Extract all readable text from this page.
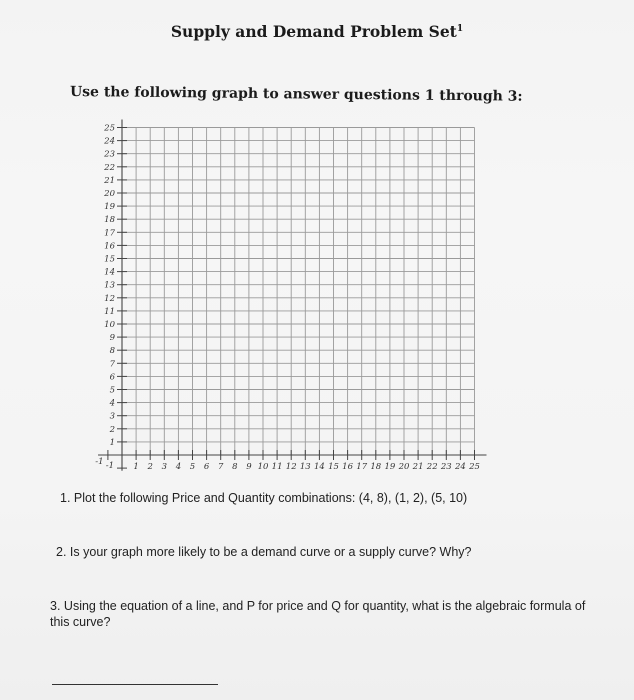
Supply and Demand Problem Set$^1$
Use the following graph to answer questions 1 through 3:
-1 -1 1 2 3 4 5 6 7 8 9 10 11 12 13 14 15 16 17 18 19 20 21 22 23 24 25
1
2
3
4
5
6
7
8
9
10
11
12
13
14
15
16
17
18
19
20
21
22
23
24
25
1. Plot the following Price and Quantity combinations: (4, 8), (1, 2), (5, 10)
2. Is your graph more likely to be a demand curve or a supply curve? Why?
3. Using the equation of a line, and P for price and Q for quantity, what is the algebraic formula of this curve?
